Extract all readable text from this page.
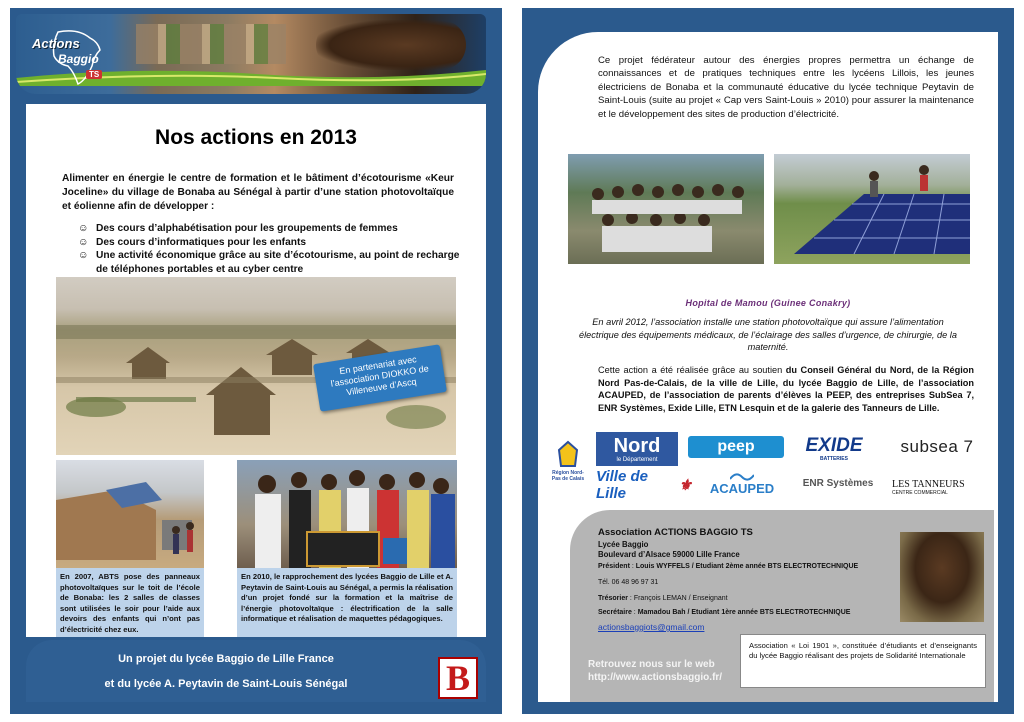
Actions
Baggio
TS
Nos actions en 2013
Alimenter en énergie le centre de formation et le bâtiment d’écotourisme «Keur Joceline» du village de Bonaba au Sénégal à partir d’une station photovoltaïque et éolienne afin de développer :
☺ Des cours d’alphabétisation pour les groupements de femmes
☺ Des cours d’informatiques pour les enfants
☺ Une activité économique grâce au site d’écotourisme, au point de recharge de téléphones portables et au cyber centre
En partenariat avec l’association DIOKKO de Villeneuve d’Ascq
En 2007, ABTS pose des panneaux photovoltaïques sur le toit de l’école de Bonaba: les 2 salles de classes sont utilisées le soir pour l’aide aux devoirs des enfants qui n’ont pas d’électricité chez eux.
En 2010, le rapprochement des lycées Baggio de Lille et A. Peytavin de Saint-Louis au Sénégal, a permis la réalisation d’un projet fondé sur la formation et la maîtrise de l’énergie photovoltaïque : électrification de la salle informatique et réalisation de maquettes pédagogiques.
Un projet du lycée Baggio de Lille France
et du lycée A. Peytavin de Saint-Louis Sénégal	B
Ce projet fédérateur autour des énergies propres permettra un échange de connaissances et de pratiques techniques entre les lycéens Lillois, les jeunes électriciens de Bonaba et la communauté éducative du lycée technique Peytavin de Saint-Louis (suite au projet « Cap vers Saint-Louis » 2010) pour assurer la maintenance et le développement des sites de production d’électricité.
Hopital de Mamou (Guinee Conakry)
En avril 2012, l’association installe une station photovoltaïque qui assure l’alimentation électrique des équipements médicaux, de l’éclairage des salles d’urgence, de chirurgie, de la maternité.
Cette action a été réalisée grâce au soutien du Conseil Général du Nord, de la Région Nord Pas-de-Calais, de la ville de Lille, du lycée Baggio de Lille, de l’association ACAUPED, de l’association de parents d’élèves la PEEP, des entreprises SubSea 7, ENR Systèmes, Exide Lille, ETN Lesquin et de la galerie des Tanneurs de Lille.
Région Nord-Pas de Calais
Nord
le Département
peep	EXIDE
BATTERIES
subsea 7
Ville de Lille	⚜ ACAUPED	ENR Systèmes LES TANNEURS
CENTRE COMMERCIAL
Association ACTIONS BAGGIO TS
Lycée Baggio
Boulevard d’Alsace 59000 Lille France
Président : Louis WYFFELS / Etudiant 2ème année BTS ELECTROTECHNIQUE
Tél. 06 48 96 97 31
Trésorier : François LEMAN / Enseignant
Secrétaire : Mamadou Bah / Etudiant 1ère année BTS ELECTROTECHNIQUE
actionsbaggiots@gmail.com
Retrouvez nous sur le web
http://www.actionsbaggio.fr/
Association « Loi 1901 », constituée d’étudiants et d’enseignants du lycée Baggio réalisant des projets de Solidarité Internationale
